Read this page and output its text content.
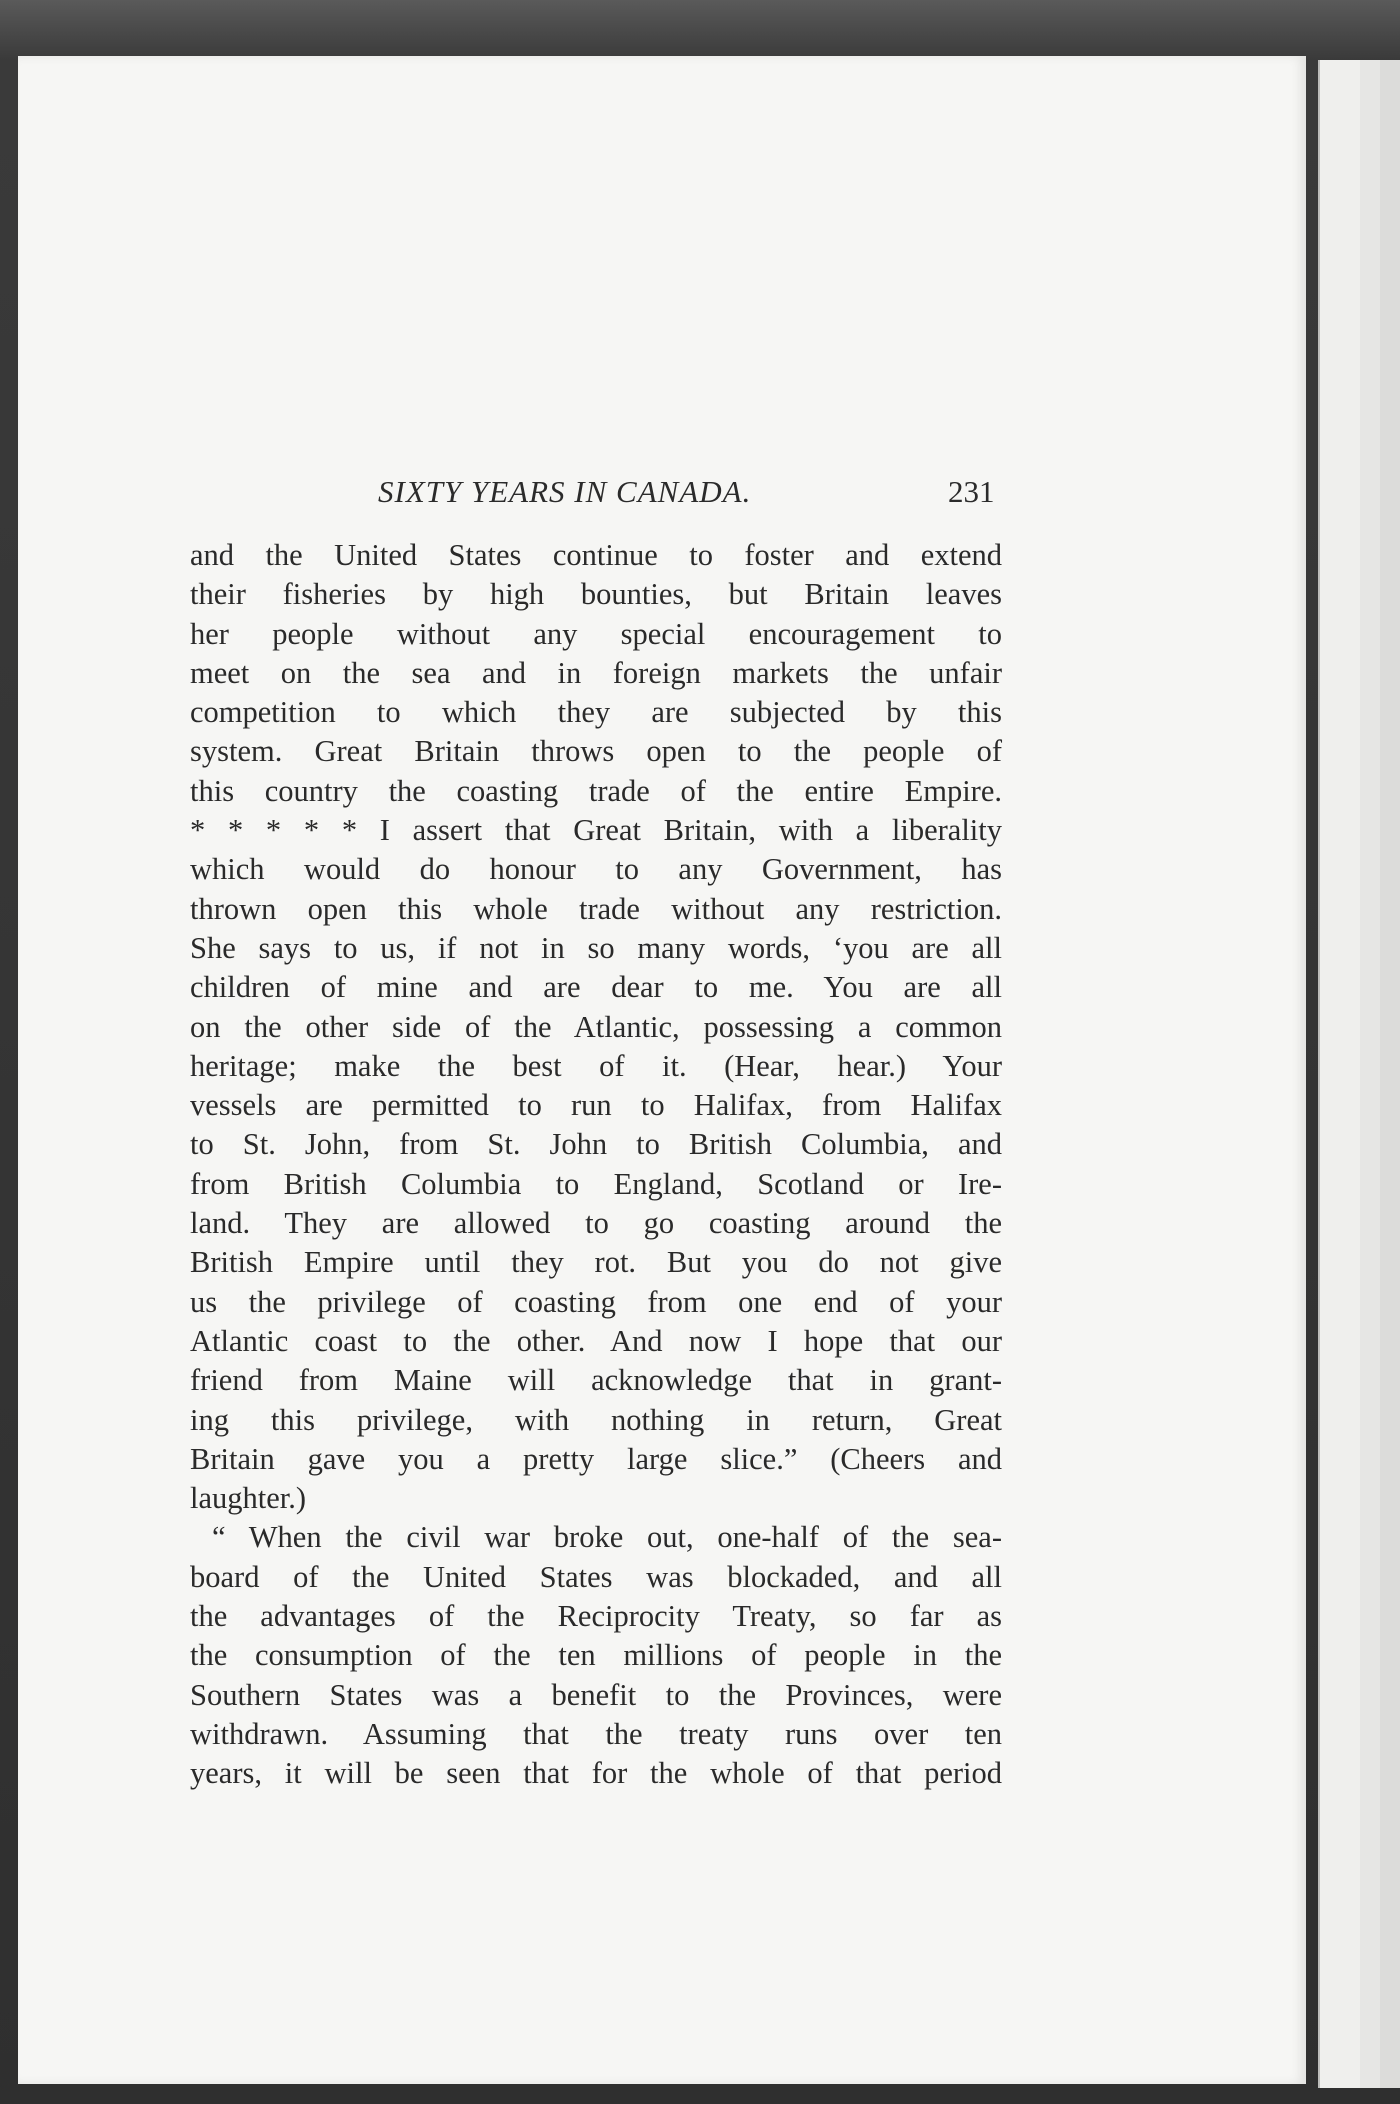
SIXTY YEARS IN CANADA.	231
and the United States continue to foster and extend
their fisheries by high bounties, but Britain leaves
her people without any special encouragement to
meet on the sea and in foreign markets the unfair
competition to which they are subjected by this
system. Great Britain throws open to the people of
this country the coasting trade of the entire Empire.
* * * * * I assert that Great Britain, with a liberality
which would do honour to any Government, has
thrown open this whole trade without any restriction.
She says to us, if not in so many words, ‘you are all
children of mine and are dear to me. You are all
on the other side of the Atlantic, possessing a common
heritage; make the best of it. (Hear, hear.) Your
vessels are permitted to run to Halifax, from Halifax
to St. John, from St. John to British Columbia, and
from British Columbia to England, Scotland or Ire-
land. They are allowed to go coasting around the
British Empire until they rot. But you do not give
us the privilege of coasting from one end of your
Atlantic coast to the other. And now I hope that our
friend from Maine will acknowledge that in grant-
ing this privilege, with nothing in return, Great
Britain gave you a pretty large slice.” (Cheers and
laughter.)
“ When the civil war broke out, one-half of the sea-
board of the United States was blockaded, and all
the advantages of the Reciprocity Treaty, so far as
the consumption of the ten millions of people in the
Southern States was a benefit to the Provinces, were
withdrawn. Assuming that the treaty runs over ten
years, it will be seen that for the whole of that period
